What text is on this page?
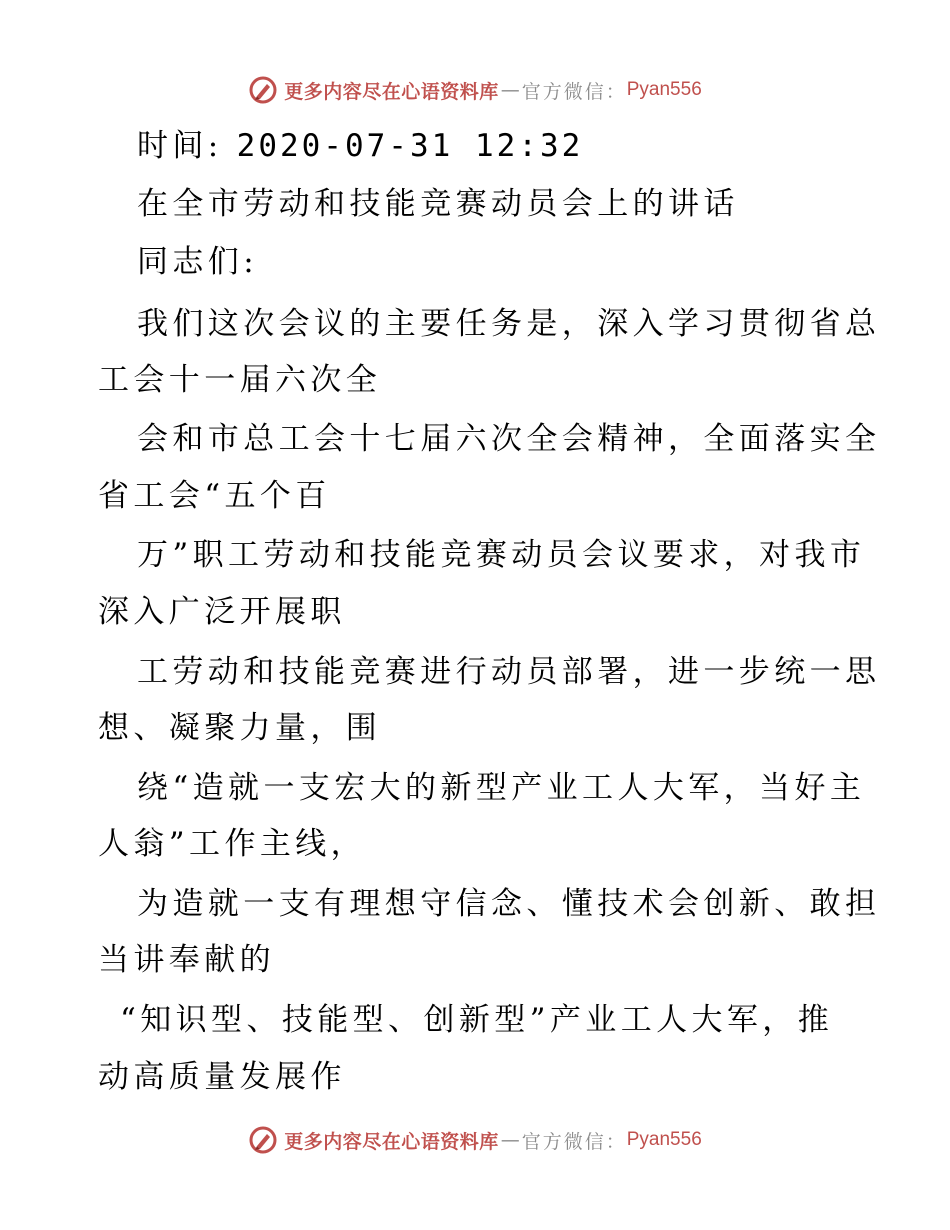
更多内容尽在心语资料库 — 官方微信： Pyan556
时间: 2020-07-31 12:32
在全市劳动和技能竞赛动员会上的讲话
同志们:
我们这次会议的主要任务是，深入学习贯彻省总
工会十一届六次全
会和市总工会十七届六次全会精神，全面落实全
省工会“五个百
万”职工劳动和技能竞赛动员会议要求，对我市
深入广泛开展职
工劳动和技能竞赛进行动员部署，进一步统一思
想、凝聚力量，围
绕“造就一支宏大的新型产业工人大军，当好主
人翁”工作主线，
为造就一支有理想守信念、懂技术会创新、敢担
当讲奉献的
“知识型、技能型、创新型”产业工人大军，推
动高质量发展作
更多内容尽在心语资料库 — 官方微信： Pyan556
